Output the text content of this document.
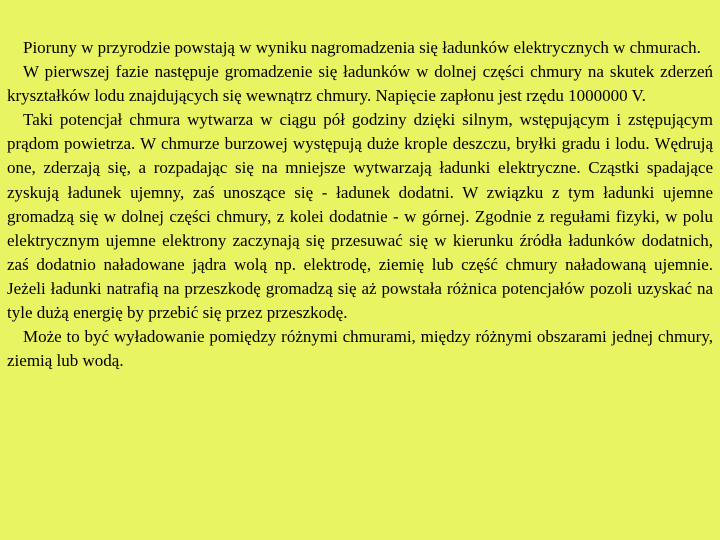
Pioruny w przyrodzie powstają w wyniku nagromadzenia się ładunków elektrycznych w chmurach.

W pierwszej fazie następuje gromadzenie się ładunków w dolnej części chmury na skutek zderzeń kryształków lodu znajdujących się wewnątrz chmury. Napięcie zapłonu jest rzędu 1000000 V.

Taki potencjał chmura wytwarza w ciągu pół godziny dzięki silnym, wstępującym i zstępującym prądom powietrza. W chmurze burzowej występują duże krople deszczu, bryłki gradu i lodu. Wędrują one, zderzają się, a rozpadając się na mniejsze wytwarzają ładunki elektryczne. Cząstki spadające zyskują ładunek ujemny, zaś unoszące się - ładunek dodatni. W związku z tym ładunki ujemne gromadzą się w dolnej części chmury, z kolei dodatnie - w górnej. Zgodnie z regułami fizyki, w polu elektrycznym ujemne elektrony zaczynają się przesuwać się w kierunku źródła ładunków dodatnich, zaś dodatnio naładowane jądra wolą np. elektrodę, ziemię lub część chmury naładowaną ujemnie. Jeżeli ładunki natrafią na przeszkodę gromadzą się aż powstała różnica potencjałów pozoli uzyskać na tyle dużą energię by przebić się przez przeszkodę.

Może to być wyładowanie pomiędzy różnymi chmurami, między różnymi obszarami jednej chmury, ziemią lub wodą.
